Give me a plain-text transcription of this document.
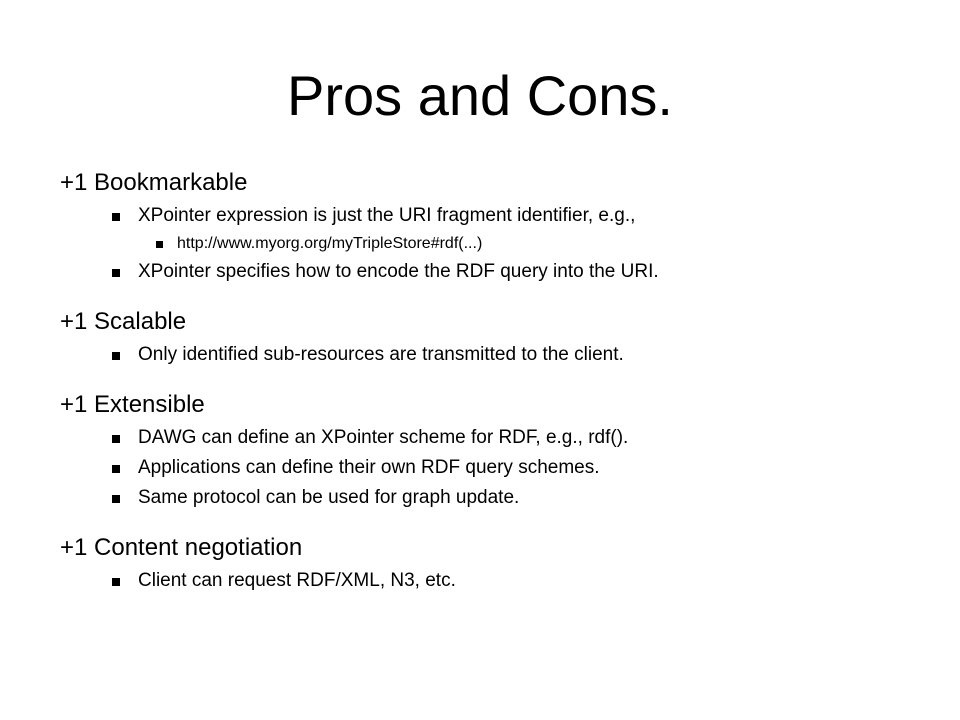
Pros and Cons.
+1 Bookmarkable
XPointer expression is just the URI fragment identifier, e.g.,
http://www.myorg.org/myTripleStore#rdf(...)
XPointer specifies how to encode the RDF query into the URI.
+1 Scalable
Only identified sub-resources are transmitted to the client.
+1 Extensible
DAWG can define an XPointer scheme for RDF, e.g., rdf().
Applications can define their own RDF query schemes.
Same protocol can be used for graph update.
+1 Content negotiation
Client can request RDF/XML, N3, etc.
